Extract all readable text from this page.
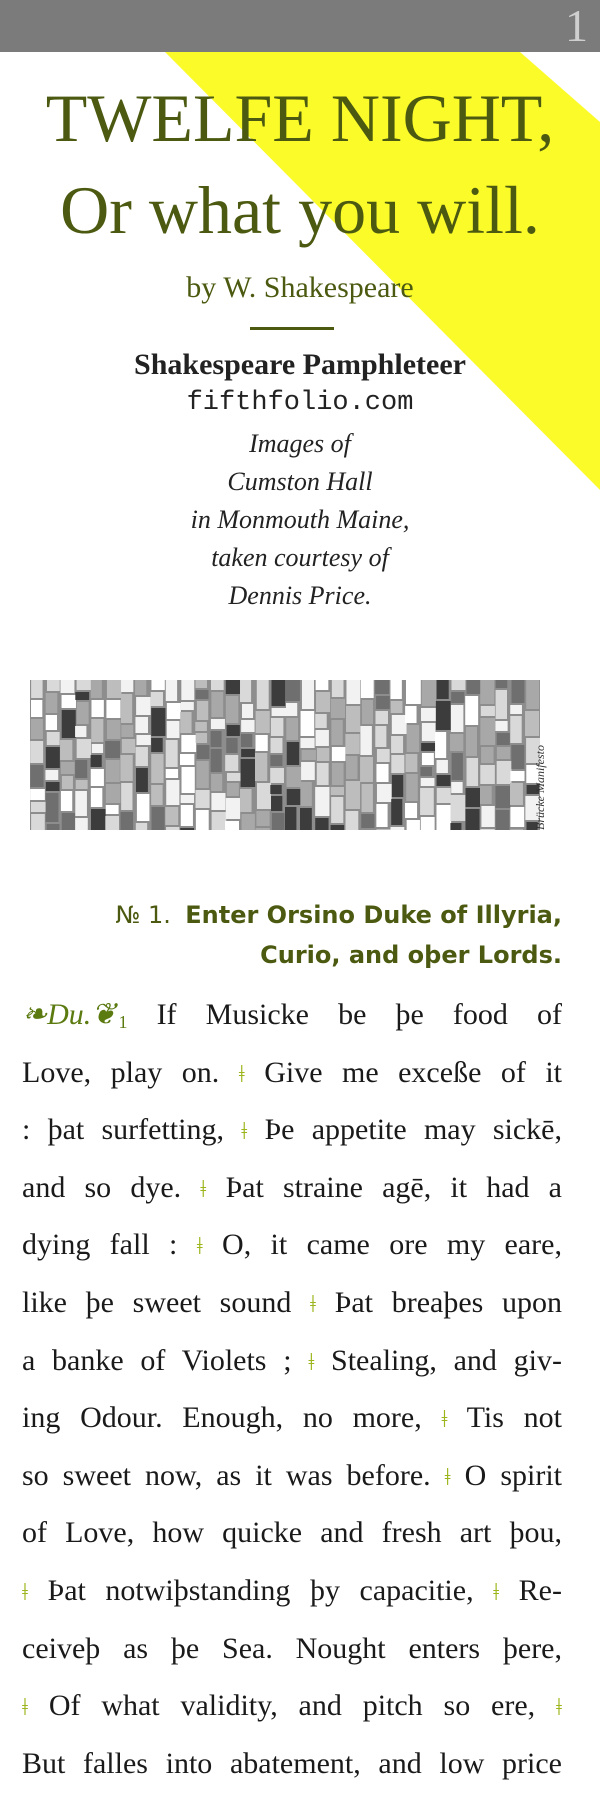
1
TWELFE NIGHT,
Or what you will.
by W. Shakespeare
Shakespeare Pamphleteer
fifthfolio.com
Images of
Cumston Hall
in Monmouth Maine,
taken courtesy of
Dennis Price.
Brücke Manifesto
№ 1. Enter Orsino Duke of Illyria,
Curio, and oþer Lords.
❧Du.❦ $_1$ If Musicke be þe food of
Love, play on. ǂ Give me exceße of it
: þat surfetting, ǂ Þe appetite may sickē,
and so dye. ǂ Þat straine agē, it had a
dying fall : ǂ O, it came ore my eare,
like þe sweet sound ǂ Þat breaþes upon
a banke of Violets ; ǂ Stealing, and giv-
ing Odour. Enough, no more, ǂ Tis not
so sweet now, as it was before. ǂ O spirit
of Love, how quicke and fresh art þou,
ǂ Þat notwiþstanding þy capacitie, ǂ Re-
ceiveþ as þe Sea. Nought enters þere,
ǂ Of what validity, and pitch so ere, ǂ
But falles into abatement, and low price
